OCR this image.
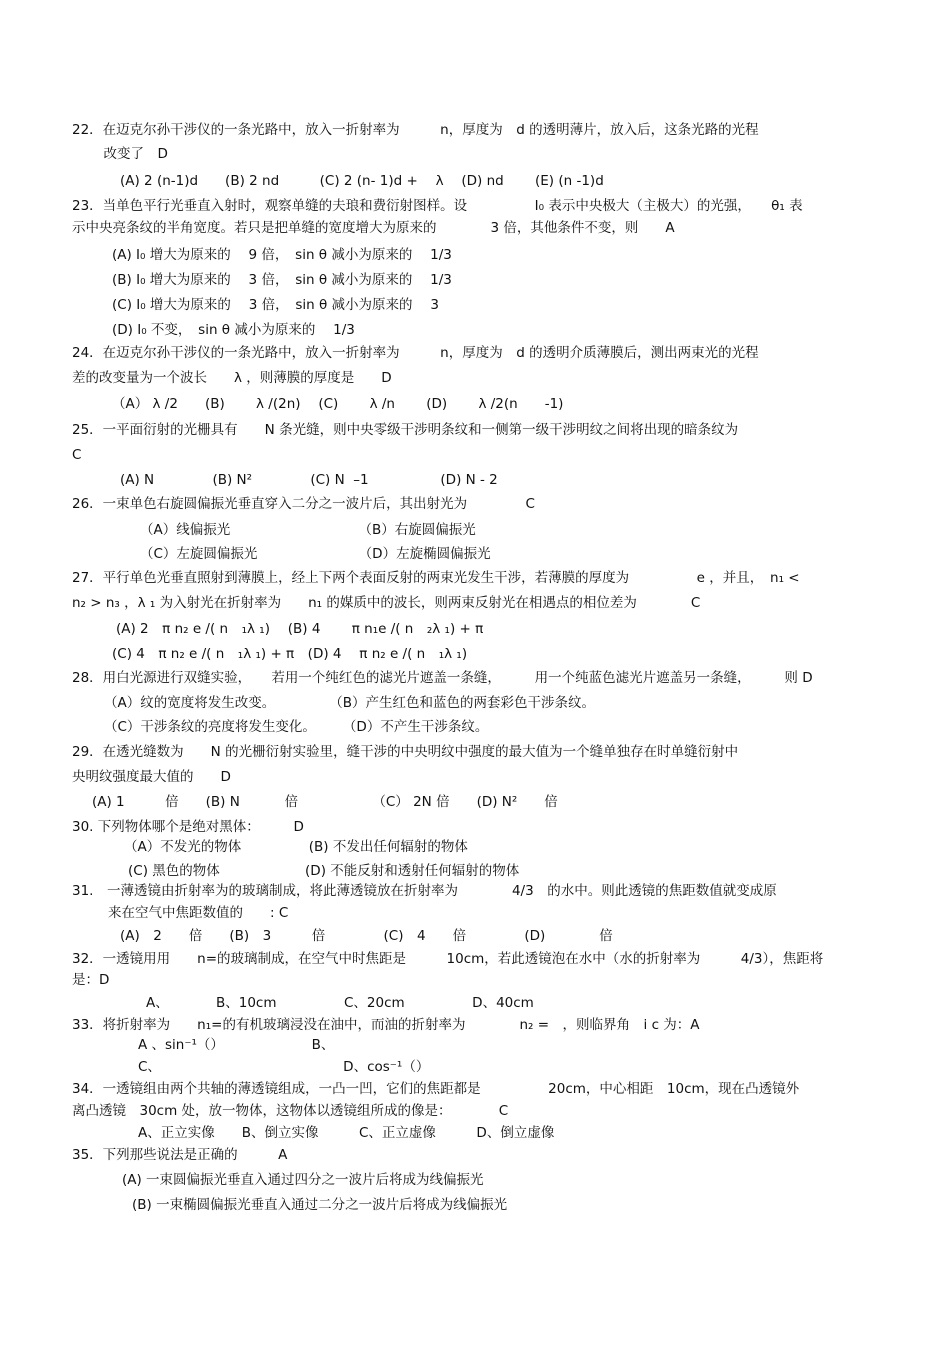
22．在迈克尔孙干涉仪的一条光路中，放入一折射率为　　　n，厚度为　d 的透明薄片，放入后，这条光路的光程
　改变了　D
(A) 2 (n-1)d　　(B) 2 nd　　　(C) 2 (n- 1)d +　 λ　 (D) nd　　 (E) (n -1)d
23．当单色平行光垂直入射时，观察单缝的夫琅和费衍射图样。设　　　　　I₀ 表示中央极大（主极大）的光强，　　θ₁ 表
示中央亮条纹的半角宽度。若只是把单缝的宽度增大为原来的　　　　3 倍，其他条件不变，则　　A
(A) I₀ 增大为原来的　 9 倍，　sin θ 减小为原来的　 1/3
(B) I₀ 增大为原来的　 3 倍，　sin θ 减小为原来的　 1/3
(C) I₀ 增大为原来的　 3 倍，　sin θ 减小为原来的　 3
(D) I₀ 不变，　sin θ 减小为原来的　 1/3
24．在迈克尔孙干涉仪的一条光路中，放入一折射率为　　　n，厚度为　d 的透明介质薄膜后，测出两束光的光程
差的改变量为一个波长　　λ ，则薄膜的厚度是　　D
（A） λ /2　　(B)　　 λ /(2n)　 (C)　　 λ /n　　 (D)　　 λ /2(n　　-1)
25．一平面衍射的光栅具有　　N 条光缝，则中央零级干涉明条纹和一侧第一级干涉明纹之间将出现的暗条纹为
C
(A) N　　　　 (B) N²　　　　 (C) N  –1　　　　　 (D) N - 2
26．一束单色右旋圆偏振光垂直穿入二分之一波片后，其出射光为　　　　 C
（A）线偏振光　　　　　　　　　　（B）右旋圆偏振光
（C）左旋圆偏振光　　　　　　　　（D）左旋椭圆偏振光
27．平行单色光垂直照射到薄膜上，经上下两个表面反射的两束光发生干涉，若薄膜的厚度为　　　　　e ，并且，　n₁ <
n₂ > n₃ ，λ ₁ 为入射光在折射率为　　n₁ 的媒质中的波长，则两束反射光在相遇点的相位差为　　　　C
(A) 2　π n₂ e /( n　₁λ ₁)　 (B) 4　　 π n₁e /( n　₂λ ₁) + π
(C) 4　π n₂ e /( n　₁λ ₁) + π　(D) 4　 π n₂ e /( n　₁λ ₁)
28．用白光源进行双缝实验，　　若用一个纯红色的滤光片遮盖一条缝，　　　用一个纯蓝色滤光片遮盖另一条缝，　　　则 D
（A）纹的宽度将发生改变。　　　　　（B）产生红色和蓝色的两套彩色干涉条纹。
（C）干涉条纹的亮度将发生变化。　　　（D）不产生干涉条纹。
29．在透光缝数为　　N 的光栅衍射实验里，缝干涉的中央明纹中强度的最大值为一个缝单独存在时单缝衍射中
央明纹强度最大值的　　D
(A) 1　　　倍　　(B) N　　　 倍　　　　　　（C） 2N 倍　　(D) N²　　倍
30. 下列物体哪个是绝对黑体：　　　D
（A）不发光的物体　　　　　(B) 不发出任何辐射的物体
(C) 黑色的物体　　　　　　 (D) 不能反射和透射任何辐射的物体
31.　一薄透镜由折射率为的玻璃制成，将此薄透镜放在折射率为　　　　4/3　的水中。则此透镜的焦距数值就变成原
来在空气中焦距数值的　　: C
(A)　2　　倍　　(B)　3　　　倍　　　　 (C)　4　　倍　　　　 (D)　　　　倍
32．一透镜用用　　n=的玻璃制成，在空气中时焦距是　　　10cm，若此透镜泡在水中（水的折射率为　　　4/3），焦距将
是：D
A、　　　　B、10cm　　　　　C、20cm　　　　　D、40cm
33．将折射率为　　n₁=的有机玻璃浸没在油中，而油的折射率为　　　　n₂ =　，则临界角　i c 为：A
A 、sin⁻¹（）　　　　　　　B、
C、　　　　　　　　　　　　　　D、cos⁻¹（）
34．一透镜组由两个共轴的薄透镜组成，一凸一凹，它们的焦距都是　　　　　20cm，中心相距　10cm，现在凸透镜外
离凸透镜　30cm 处，放一物体，这物体以透镜组所成的像是：　　　　C
A、正立实像　　B、倒立实像　　　C、正立虚像　　　D、倒立虚像
35．下列那些说法是正确的　　　A
(A) 一束圆偏振光垂直入通过四分之一波片后将成为线偏振光
(B) 一束椭圆偏振光垂直入通过二分之一波片后将成为线偏振光
